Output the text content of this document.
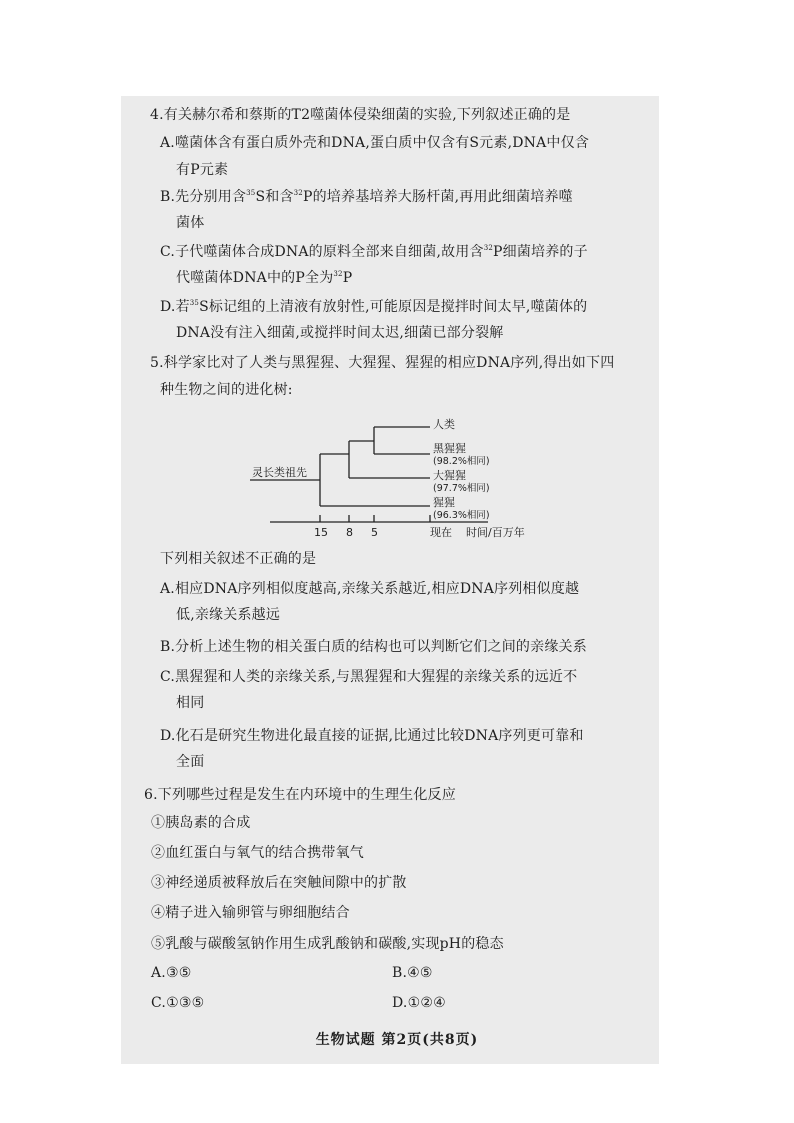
4.有关赫尔希和蔡斯的T2噬菌体侵染细菌的实验,下列叙述正确的是
A.噬菌体含有蛋白质外壳和DNA,蛋白质中仅含有S元素,DNA中仅含
有P元素
B.先分别用含$^{35}$S和含$^{32}$P的培养基培养大肠杆菌,再用此细菌培养噬
菌体
C.子代噬菌体合成DNA的原料全部来自细菌,故用含$^{32}$P细菌培养的子
代噬菌体DNA中的P全为$^{32}$P
D.若$^{35}$S标记组的上清液有放射性,可能原因是搅拌时间太早,噬菌体的
DNA没有注入细菌,或搅拌时间太迟,细菌已部分裂解
5.科学家比对了人类与黑猩猩、大猩猩、猩猩的相应DNA序列,得出如下四
种生物之间的进化树:
灵长类祖先
人类
黑猩猩
(98.2%相同)
大猩猩
(97.7%相同)
猩猩
(96.3%相同)
15 8 5	现在 时间/百万年
下列相关叙述不正确的是
A.相应DNA序列相似度越高,亲缘关系越近,相应DNA序列相似度越
低,亲缘关系越远
B.分析上述生物的相关蛋白质的结构也可以判断它们之间的亲缘关系
C.黑猩猩和人类的亲缘关系,与黑猩猩和大猩猩的亲缘关系的远近不
相同
D.化石是研究生物进化最直接的证据,比通过比较DNA序列更可靠和
全面
6.下列哪些过程是发生在内环境中的生理生化反应
①胰岛素的合成
②血红蛋白与氧气的结合携带氧气
③神经递质被释放后在突触间隙中的扩散
④精子进入输卵管与卵细胞结合
⑤乳酸与碳酸氢钠作用生成乳酸钠和碳酸,实现pH的稳态
A.③⑤	B.④⑤
C.①③⑤	D.①②④
生物试题 第2页(共8页)
